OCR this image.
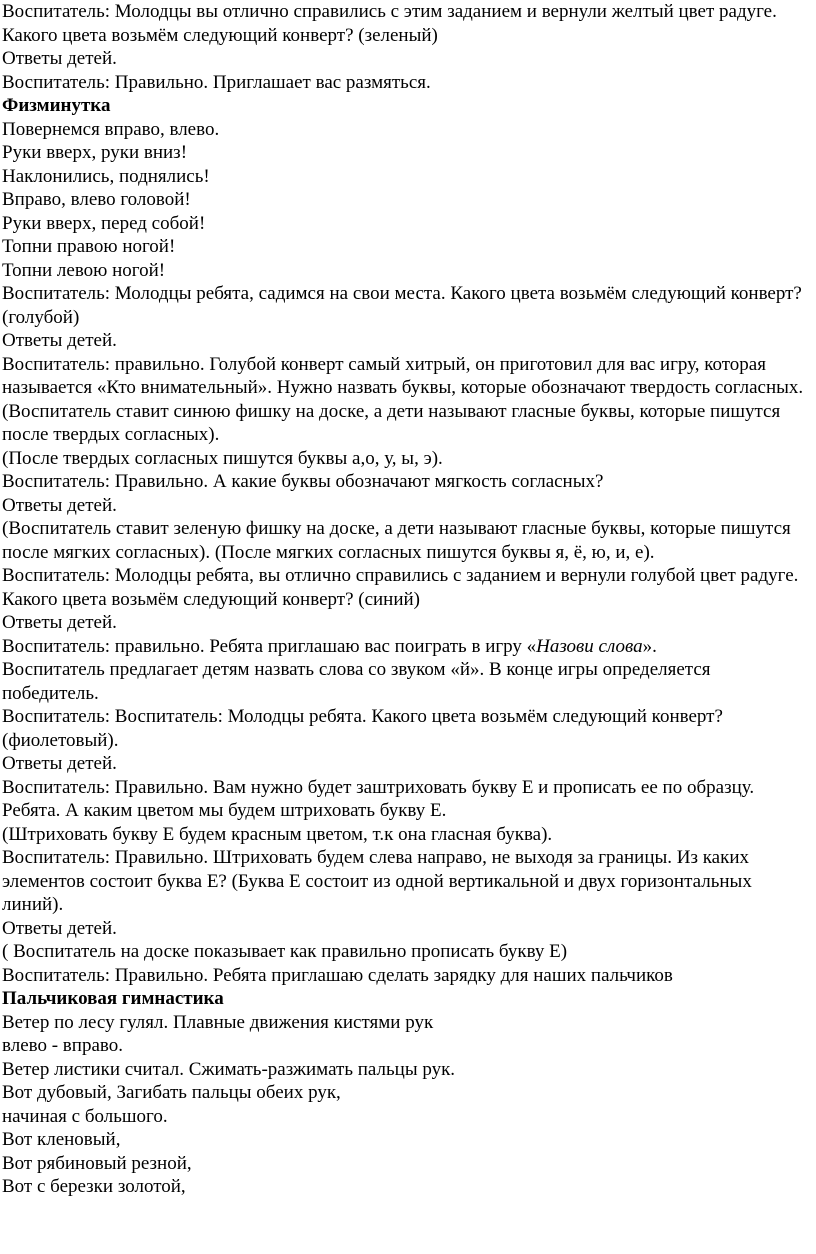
Воспитатель: Молодцы вы отлично справились с этим заданием и вернули желтый цвет радуге. Какого цвета возьмём следующий конверт? (зеленый)

Ответы детей.

Воспитатель: Правильно. Приглашает вас размяться.

Физминутка

Повернемся вправо, влево.

Руки вверх, руки вниз!

Наклонились, поднялись!

Вправо, влево головой!

Руки вверх, перед собой!

Топни правою ногой!

Топни левою ногой!

Воспитатель: Молодцы ребята, садимся на свои места. Какого цвета возьмём следующий конверт? (голубой)

Ответы детей.

Воспитатель: правильно. Голубой конверт самый хитрый, он приготовил для вас игру, которая называется «Кто внимательный». Нужно назвать буквы, которые обозначают твердость согласных.

(Воспитатель ставит синюю фишку на доске, а дети называют гласные буквы, которые пишутся после твердых согласных).

(После твердых согласных пишутся буквы а,о, у, ы, э).

Воспитатель: Правильно. А какие буквы обозначают мягкость согласных?

Ответы детей.

(Воспитатель ставит зеленую фишку на доске, а дети называют гласные буквы, которые пишутся после мягких согласных). (После мягких согласных пишутся буквы я, ё, ю, и, е).

Воспитатель: Молодцы ребята, вы отлично справились с заданием и вернули голубой цвет радуге. Какого цвета возьмём следующий конверт? (синий)

Ответы детей.

Воспитатель: правильно. Ребята приглашаю вас поиграть в игру «Назови слова».

Воспитатель предлагает детям назвать слова со звуком «й». В конце игры определяется победитель.

Воспитатель: Воспитатель: Молодцы ребята. Какого цвета возьмём следующий конверт? (фиолетовый).

Ответы детей.

Воспитатель: Правильно. Вам нужно будет заштриховать букву Е и прописать ее по образцу. Ребята. А каким цветом мы будем штриховать букву Е.

(Штриховать букву Е будем красным цветом, т.к она гласная буква).

Воспитатель: Правильно. Штриховать будем слева направо, не выходя за границы. Из каких элементов состоит буква Е? (Буква Е состоит из одной вертикальной и двух горизонтальных линий).

Ответы детей.

( Воспитатель на доске показывает как правильно прописать букву Е)

Воспитатель: Правильно. Ребята приглашаю сделать зарядку для наших пальчиков

Пальчиковая гимнастика

Ветер по лесу гулял. Плавные движения кистями рук

влево - вправо.

Ветер листики считал. Сжимать-разжимать пальцы рук.

Вот дубовый, Загибать пальцы обеих рук,

начиная с большого.

Вот кленовый,

Вот рябиновый резной,

Вот с березки золотой,
